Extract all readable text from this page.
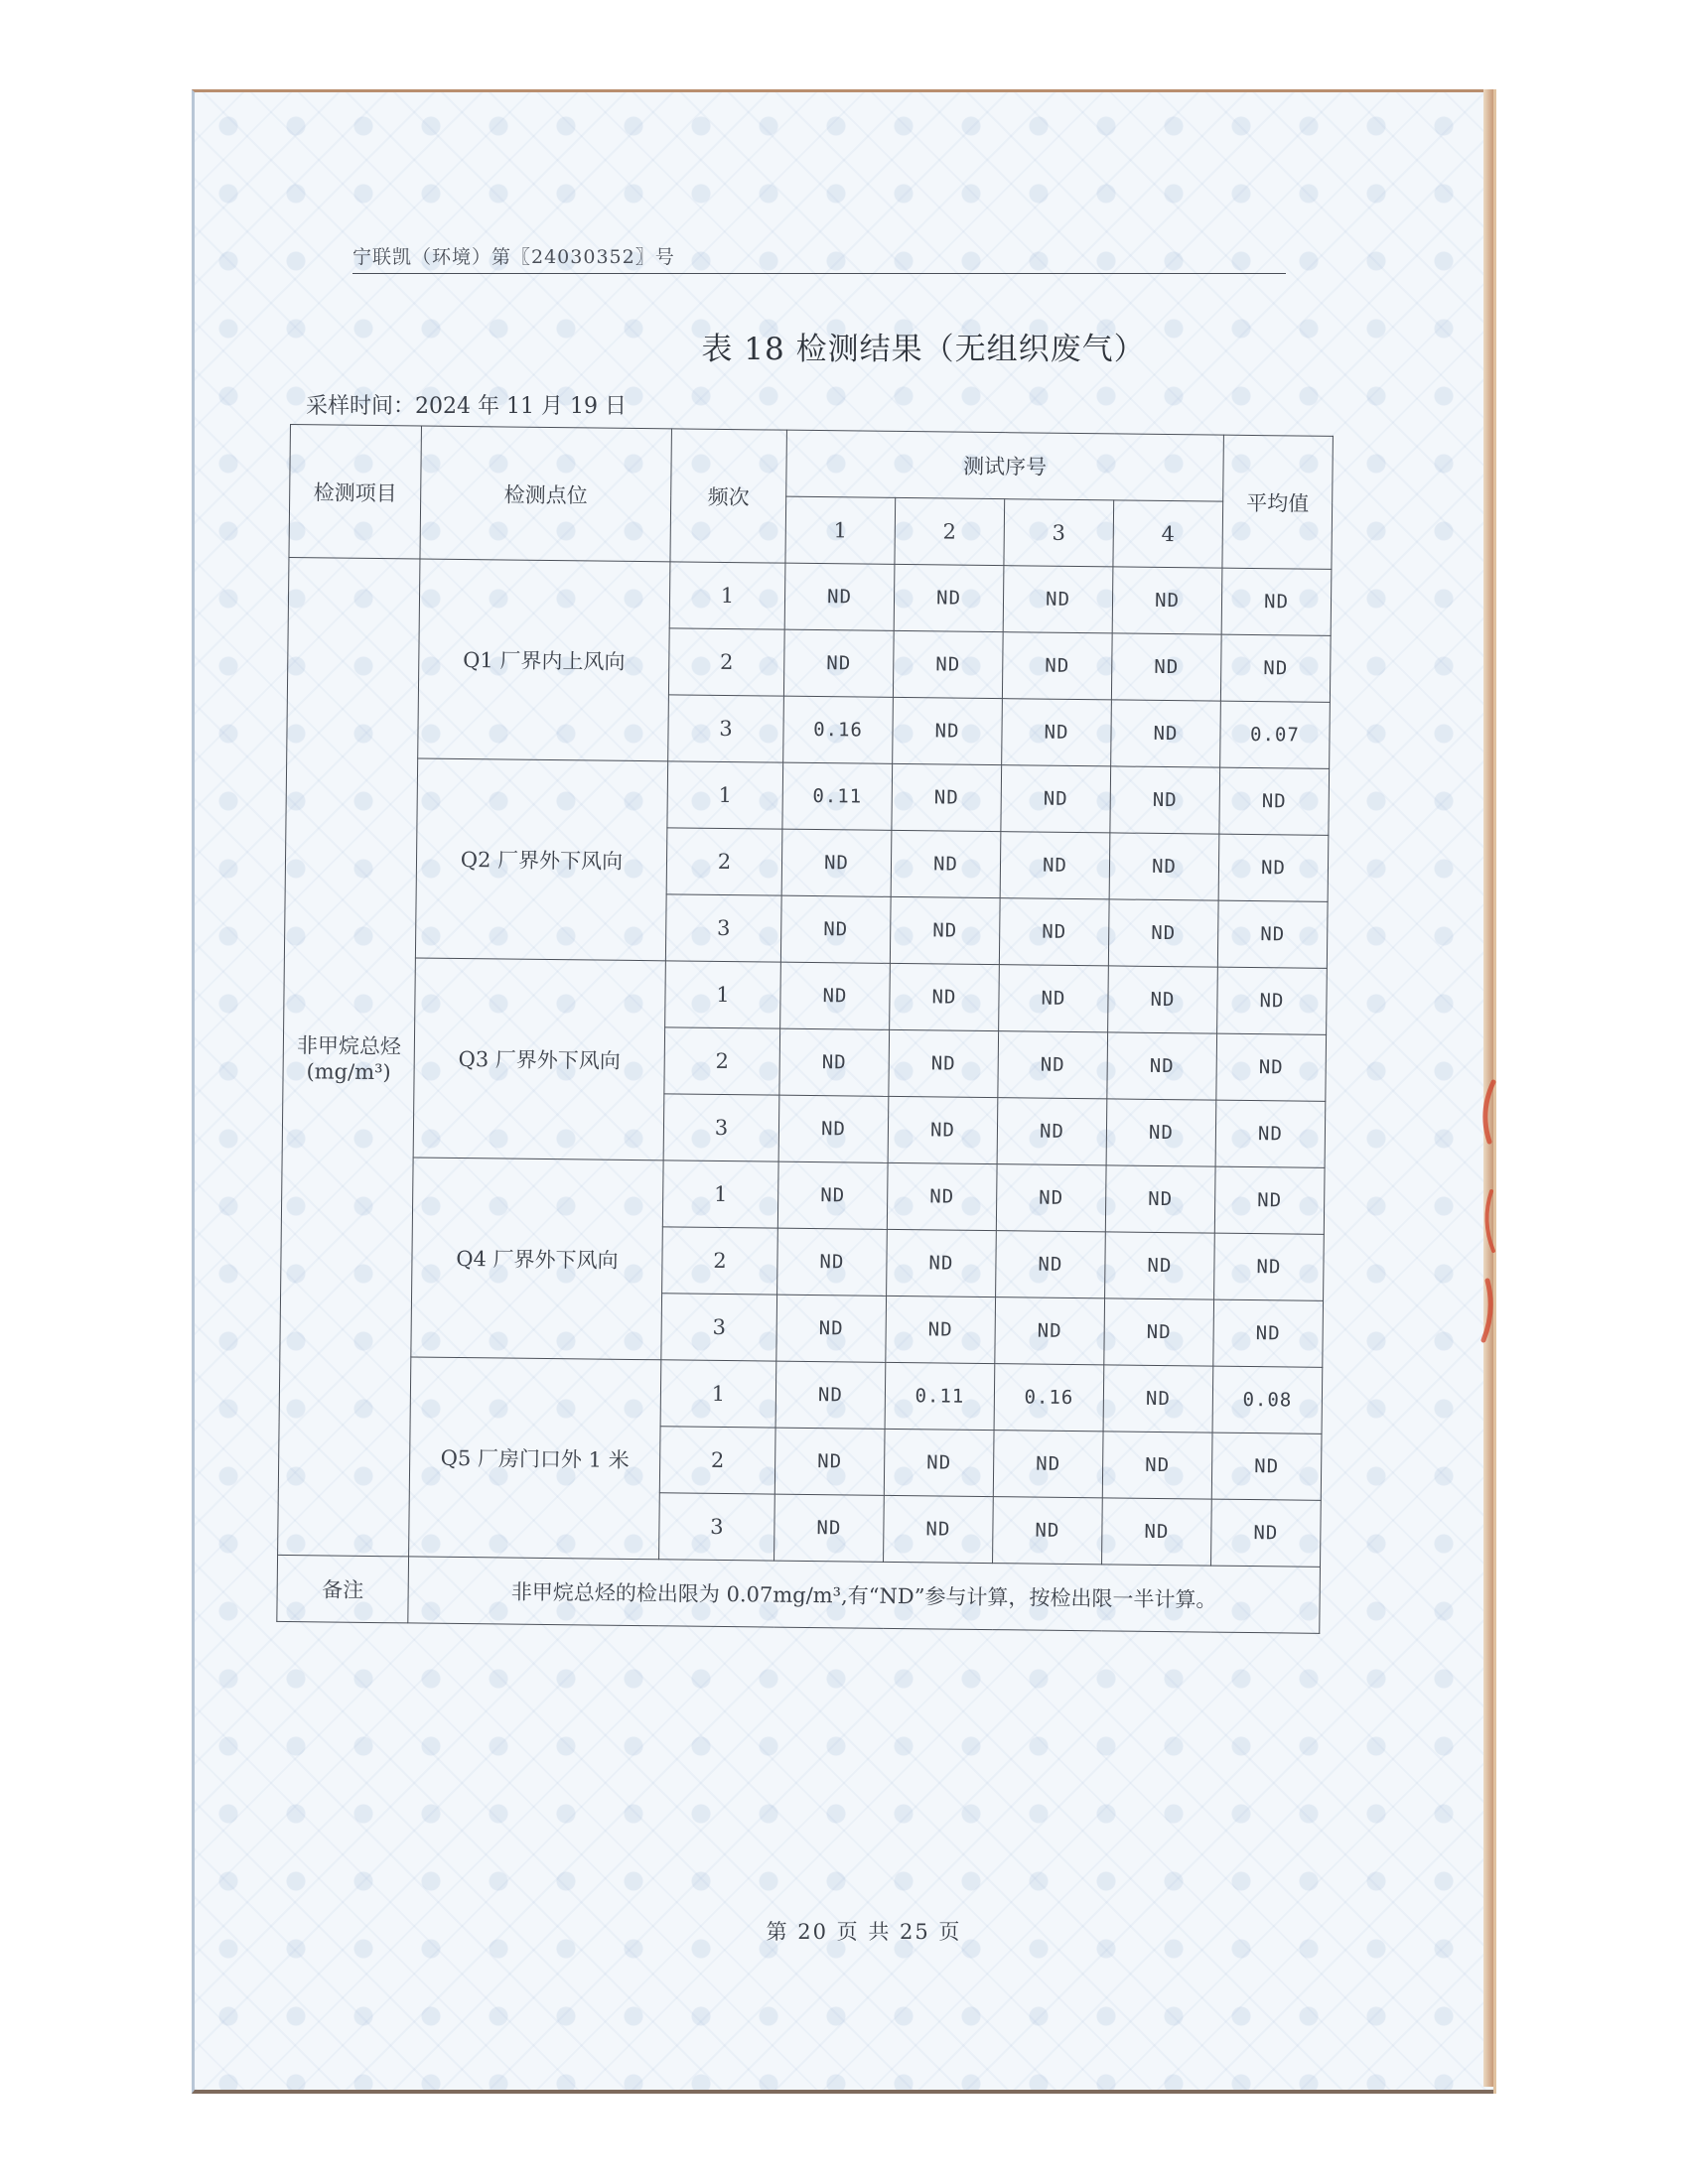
宁联凯（环境）第〖24030352〗号
表 18 检测结果（无组织废气）
采样时间：2024 年 11 月 19 日
检测项目	检测点位	频次	测试序号				平均值
			1	2	3	4	
非甲烷总烃(mg/m³)	Q1 厂界内上风向	1	ND	ND	ND	ND	ND
		2	ND	ND	ND	ND	ND
		3	0.16	ND	ND	ND	0.07
	Q2 厂界外下风向	1	0.11	ND	ND	ND	ND
		2	ND	ND	ND	ND	ND
		3	ND	ND	ND	ND	ND
	Q3 厂界外下风向	1	ND	ND	ND	ND	ND
		2	ND	ND	ND	ND	ND
		3	ND	ND	ND	ND	ND
	Q4 厂界外下风向	1	ND	ND	ND	ND	ND
		2	ND	ND	ND	ND	ND
		3	ND	ND	ND	ND	ND
	Q5 厂房门口外 1 米	1	ND	0.11	0.16	ND	0.08
		2	ND	ND	ND	ND	ND
		3	ND	ND	ND	ND	ND
备注	非甲烷总烃的检出限为 0.07mg/m³,有“ND”参与计算，按检出限一半计算。						
第 20 页 共 25 页
